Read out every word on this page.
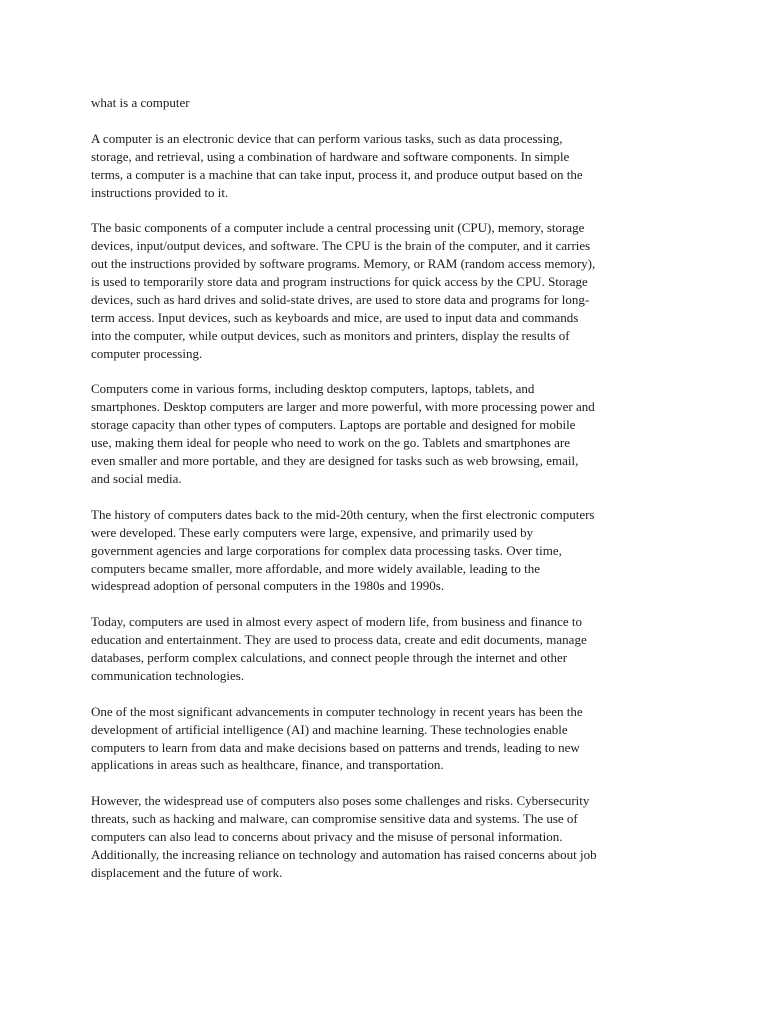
what is a computer

A computer is an electronic device that can perform various tasks, such as data processing,
storage, and retrieval, using a combination of hardware and software components. In simple
terms, a computer is a machine that can take input, process it, and produce output based on the
instructions provided to it.

The basic components of a computer include a central processing unit (CPU), memory, storage
devices, input/output devices, and software. The CPU is the brain of the computer, and it carries
out the instructions provided by software programs. Memory, or RAM (random access memory),
is used to temporarily store data and program instructions for quick access by the CPU. Storage
devices, such as hard drives and solid-state drives, are used to store data and programs for long-
term access. Input devices, such as keyboards and mice, are used to input data and commands
into the computer, while output devices, such as monitors and printers, display the results of
computer processing.

Computers come in various forms, including desktop computers, laptops, tablets, and
smartphones. Desktop computers are larger and more powerful, with more processing power and
storage capacity than other types of computers. Laptops are portable and designed for mobile
use, making them ideal for people who need to work on the go. Tablets and smartphones are
even smaller and more portable, and they are designed for tasks such as web browsing, email,
and social media.

The history of computers dates back to the mid-20th century, when the first electronic computers
were developed. These early computers were large, expensive, and primarily used by
government agencies and large corporations for complex data processing tasks. Over time,
computers became smaller, more affordable, and more widely available, leading to the
widespread adoption of personal computers in the 1980s and 1990s.

Today, computers are used in almost every aspect of modern life, from business and finance to
education and entertainment. They are used to process data, create and edit documents, manage
databases, perform complex calculations, and connect people through the internet and other
communication technologies.

One of the most significant advancements in computer technology in recent years has been the
development of artificial intelligence (AI) and machine learning. These technologies enable
computers to learn from data and make decisions based on patterns and trends, leading to new
applications in areas such as healthcare, finance, and transportation.

However, the widespread use of computers also poses some challenges and risks. Cybersecurity
threats, such as hacking and malware, can compromise sensitive data and systems. The use of
computers can also lead to concerns about privacy and the misuse of personal information.
Additionally, the increasing reliance on technology and automation has raised concerns about job
displacement and the future of work.
